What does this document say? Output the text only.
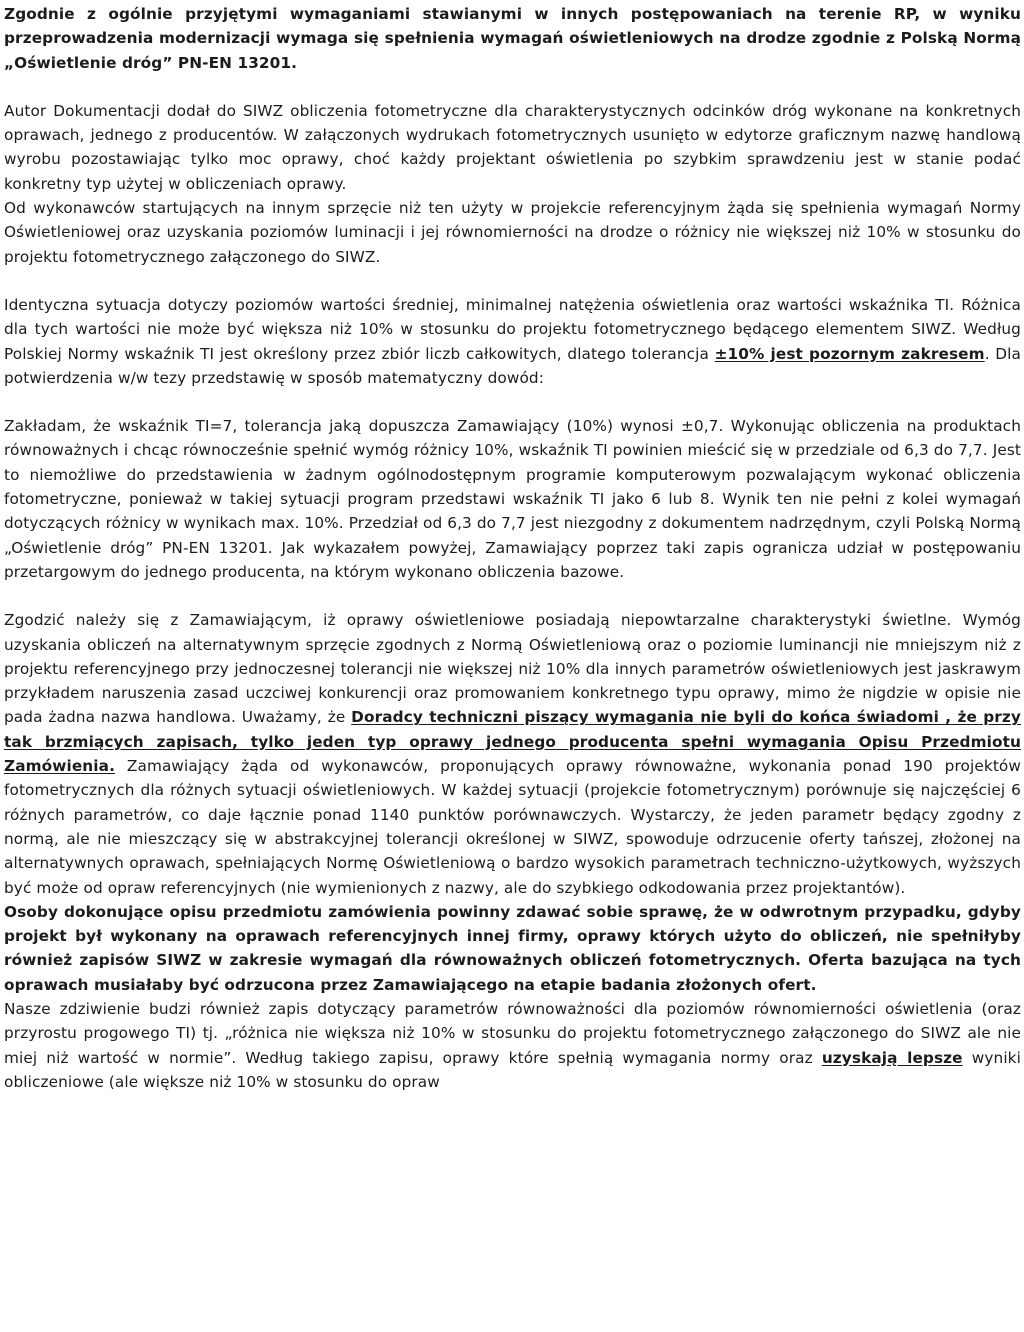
Zgodnie z ogólnie przyjętymi wymaganiami stawianymi w innych postępowaniach na terenie RP, w wyniku przeprowadzenia modernizacji wymaga się spełnienia wymagań oświetleniowych na drodze zgodnie z Polską Normą „Oświetlenie dróg” PN-EN 13201.

Autor Dokumentacji dodał do SIWZ obliczenia fotometryczne dla charakterystycznych odcinków dróg wykonane na konkretnych oprawach, jednego z producentów. W załączonych wydrukach fotometrycznych usunięto w edytorze graficznym nazwę handlową wyrobu pozostawiając tylko moc oprawy, choć każdy projektant oświetlenia po szybkim sprawdzeniu jest w stanie podać konkretny typ użytej w obliczeniach oprawy.

Od wykonawców startujących na innym sprzęcie niż ten użyty w projekcie referencyjnym żąda się spełnienia wymagań Normy Oświetleniowej oraz uzyskania poziomów luminacji i jej równomierności na drodze o różnicy nie większej niż 10% w stosunku do projektu fotometrycznego załączonego do SIWZ.

Identyczna sytuacja dotyczy poziomów wartości średniej, minimalnej natężenia oświetlenia oraz wartości wskaźnika TI. Różnica dla tych wartości nie może być większa niż 10% w stosunku do projektu fotometrycznego będącego elementem SIWZ. Według Polskiej Normy wskaźnik TI jest określony przez zbiór liczb całkowitych, dlatego tolerancja ±10% jest pozornym zakresem. Dla potwierdzenia w/w tezy przedstawię w sposób matematyczny dowód:

Zakładam, że wskaźnik TI=7, tolerancja jaką dopuszcza Zamawiający (10%) wynosi ±0,7. Wykonując obliczenia na produktach równoważnych i chcąc równocześnie spełnić wymóg różnicy 10%, wskaźnik TI powinien mieścić się w przedziale od 6,3 do 7,7. Jest to niemożliwe do przedstawienia w żadnym ogólnodostępnym programie komputerowym pozwalającym wykonać obliczenia fotometryczne, ponieważ w takiej sytuacji program przedstawi wskaźnik TI jako 6 lub 8. Wynik ten nie pełni z kolei wymagań dotyczących różnicy w wynikach max. 10%. Przedział od 6,3 do 7,7 jest niezgodny z dokumentem nadrzędnym, czyli Polską Normą „Oświetlenie dróg” PN-EN 13201. Jak wykazałem powyżej, Zamawiający poprzez taki zapis ogranicza udział w postępowaniu przetargowym do jednego producenta, na którym wykonano obliczenia bazowe.

Zgodzić należy się z Zamawiającym, iż oprawy oświetleniowe posiadają niepowtarzalne charakterystyki świetlne. Wymóg uzyskania obliczeń na alternatywnym sprzęcie zgodnych z Normą Oświetleniową oraz o poziomie luminancji nie mniejszym niż z projektu referencyjnego przy jednoczesnej tolerancji nie większej niż 10% dla innych parametrów oświetleniowych jest jaskrawym przykładem naruszenia zasad uczciwej konkurencji oraz promowaniem konkretnego typu oprawy, mimo że nigdzie w opisie nie pada żadna nazwa handlowa. Uważamy, że Doradcy techniczni piszący wymagania nie byli do końca świadomi , że przy tak brzmiących zapisach, tylko jeden typ oprawy jednego producenta spełni wymagania Opisu Przedmiotu Zamówienia. Zamawiający żąda od wykonawców, proponujących oprawy równoważne, wykonania ponad 190 projektów fotometrycznych dla różnych sytuacji oświetleniowych. W każdej sytuacji (projekcie fotometrycznym) porównuje się najczęściej 6 różnych parametrów, co daje łącznie ponad 1140 punktów porównawczych. Wystarczy, że jeden parametr będący zgodny z normą, ale nie mieszczący się w abstrakcyjnej tolerancji określonej w SIWZ, spowoduje odrzucenie oferty tańszej, złożonej na alternatywnych oprawach, spełniających Normę Oświetleniową o bardzo wysokich parametrach techniczno-użytkowych, wyższych być może od opraw referencyjnych (nie wymienionych z nazwy, ale do szybkiego odkodowania przez projektantów).

Osoby dokonujące opisu przedmiotu zamówienia powinny zdawać sobie sprawę, że w odwrotnym przypadku, gdyby projekt był wykonany na oprawach referencyjnych innej firmy, oprawy których użyto do obliczeń, nie spełniłyby również zapisów SIWZ w zakresie wymagań dla równoważnych obliczeń fotometrycznych. Oferta bazująca na tych oprawach musiałaby być odrzucona przez Zamawiającego na etapie badania złożonych ofert.

Nasze zdziwienie budzi również zapis dotyczący parametrów równoważności dla poziomów równomierności oświetlenia (oraz przyrostu progowego TI) tj. „różnica nie większa niż 10% w stosunku do projektu fotometrycznego załączonego do SIWZ ale nie miej niż wartość w normie”. Według takiego zapisu, oprawy które spełnią wymagania normy oraz uzyskają lepsze wyniki obliczeniowe (ale większe niż 10% w stosunku do opraw
